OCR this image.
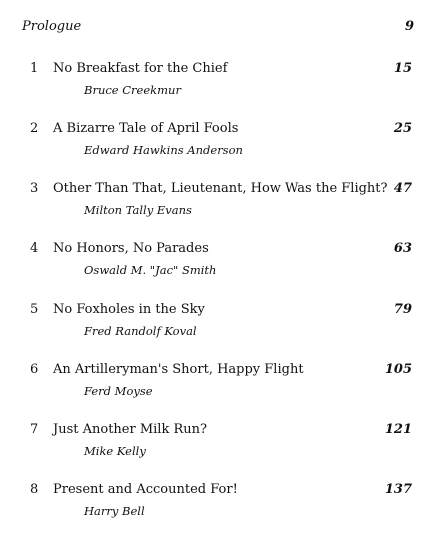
Prologue	9
1 No Breakfast for the Chief	15
Bruce Creekmur
2 A Bizarre Tale of April Fools	25
Edward Hawkins Anderson
3 Other Than That, Lieutenant, How Was the Flight? 47
Milton Tally Evans
4 No Honors, No Parades	63
Oswald M. "Jac" Smith
5 No Foxholes in the Sky	79
Fred Randolf Koval
6 An Artilleryman's Short, Happy Flight	105
Ferd Moyse
7 Just Another Milk Run?	121
Mike Kelly
8 Present and Accounted For!	137
Harry Bell
